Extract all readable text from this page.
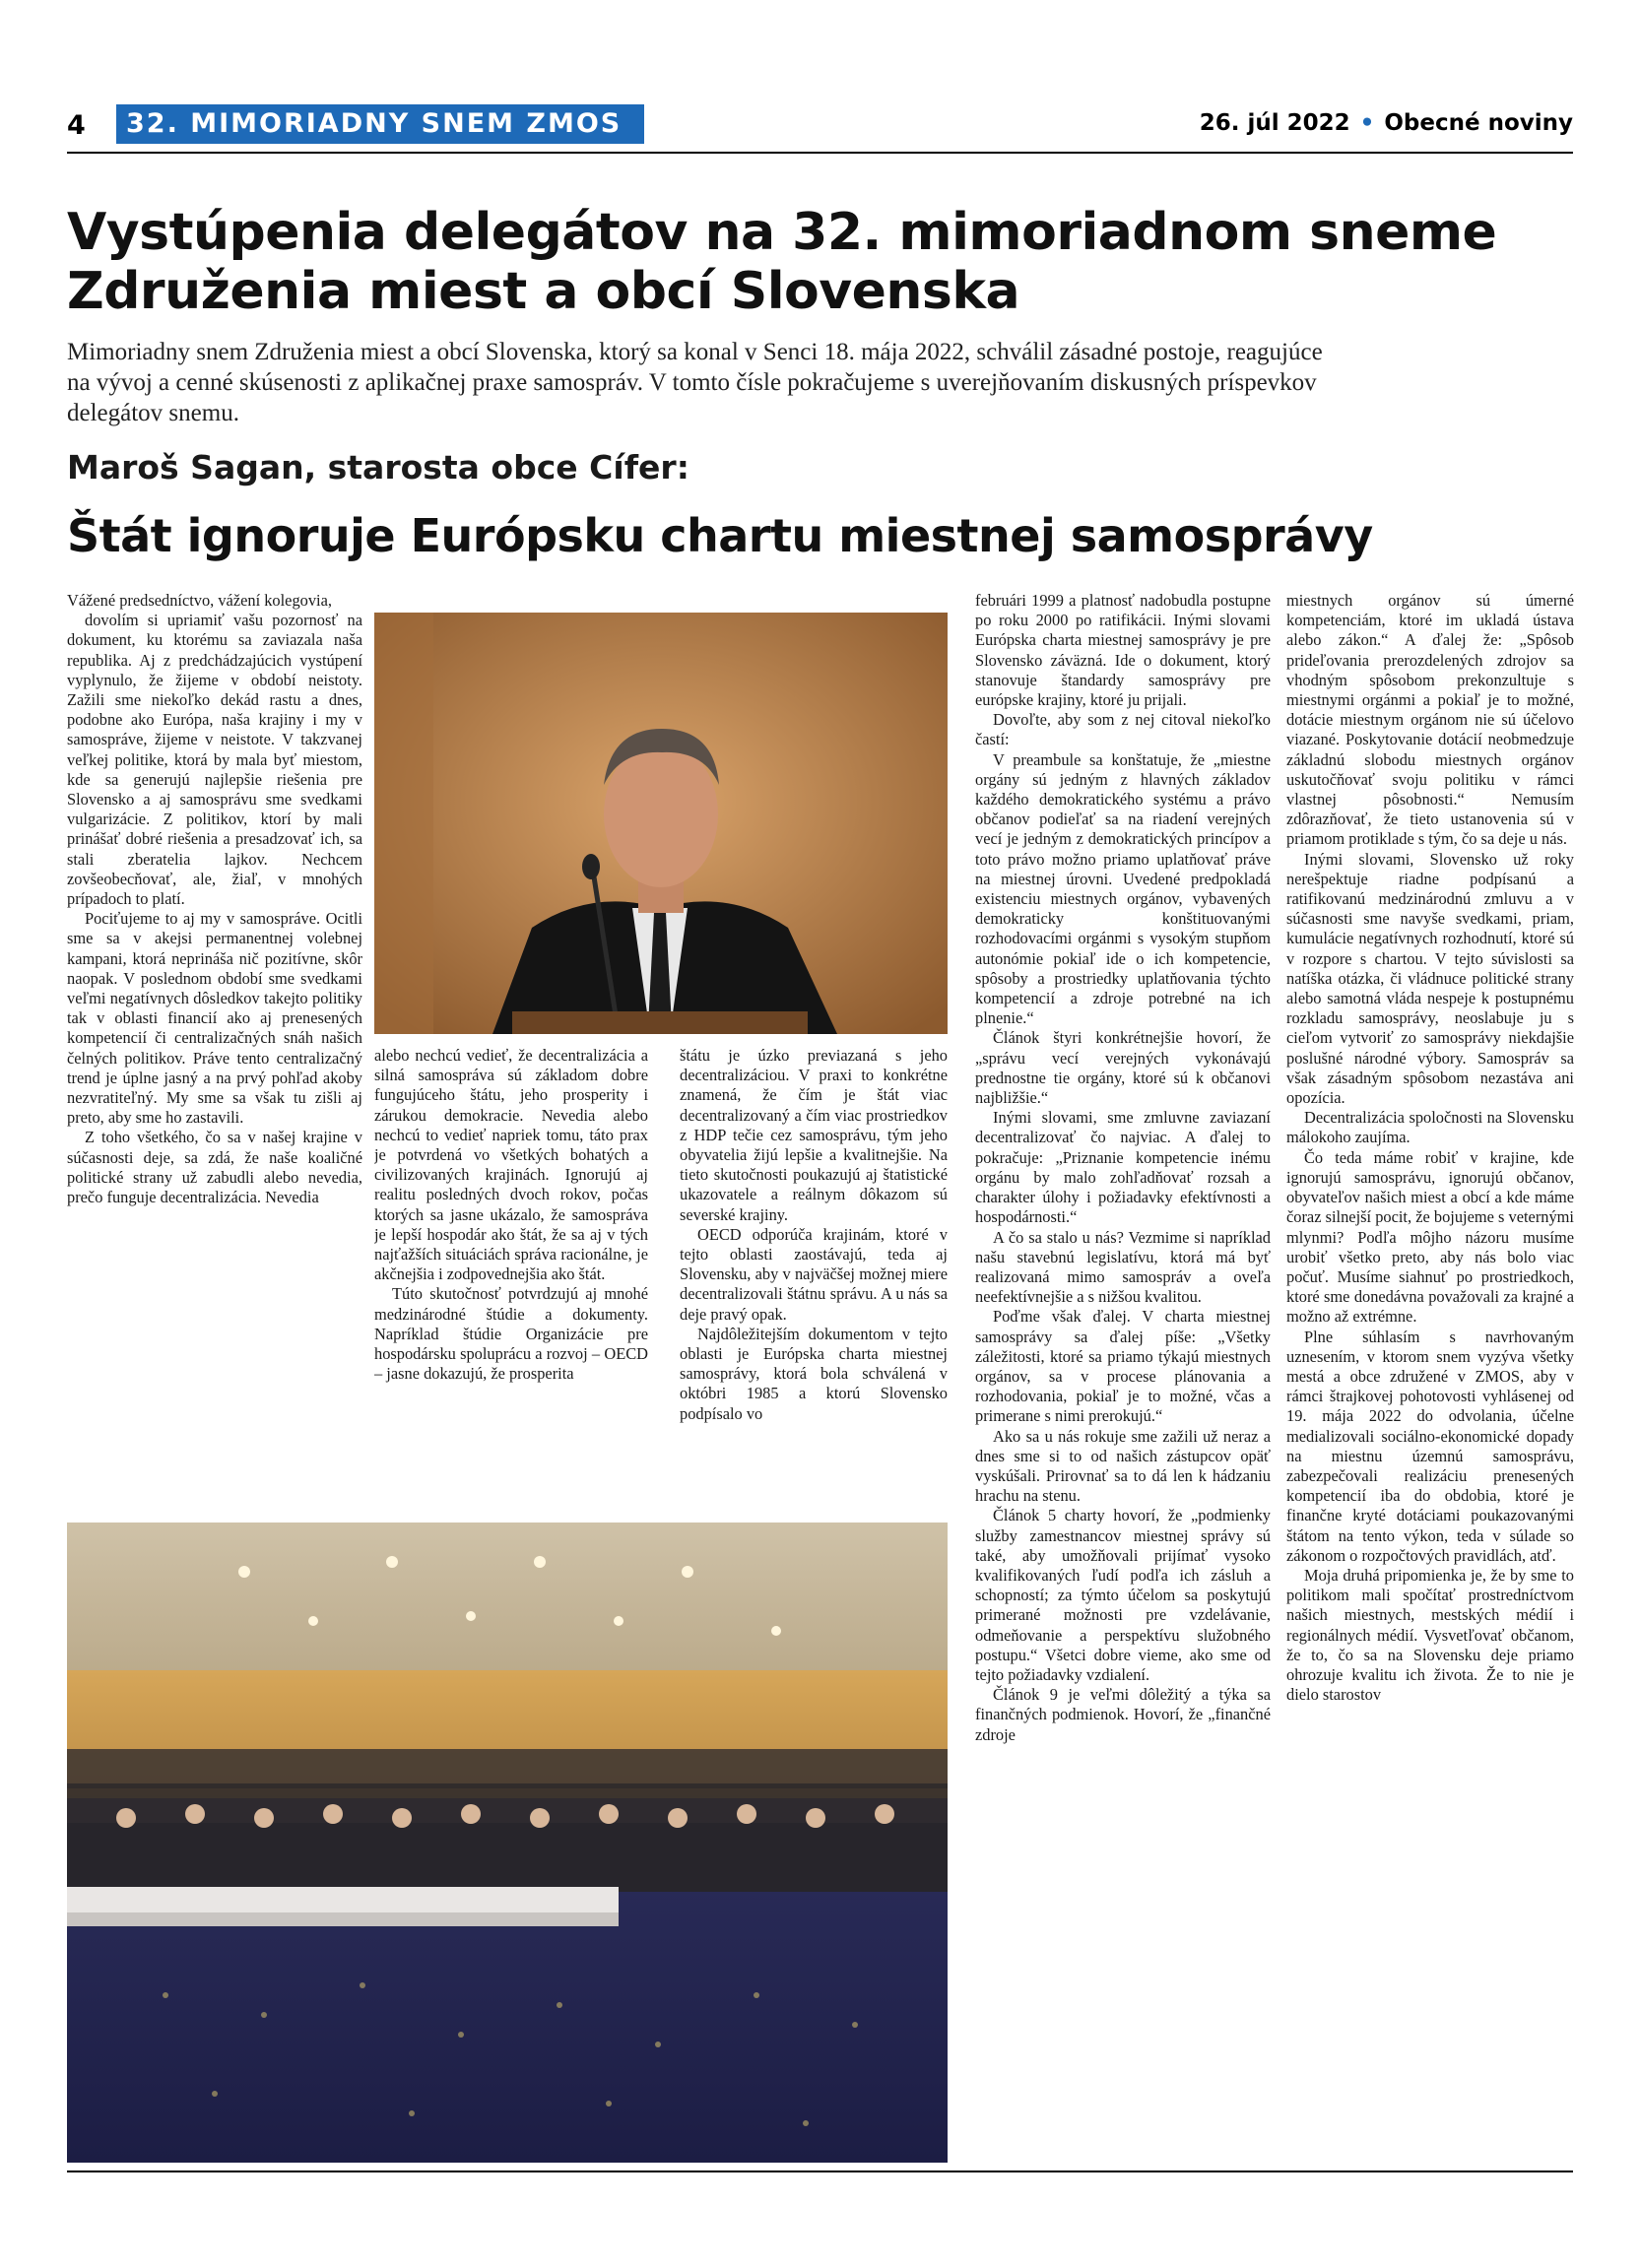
4	32. MIMORIADNY SNEM ZMOS	26. júl 2022 • Obecné noviny
Vystúpenia delegátov na 32. mimoriadnom sneme
Združenia miest a obcí Slovenska
Mimoriadny snem Združenia miest a obcí Slovenska, ktorý sa konal v Senci 18. mája 2022, schválil zásadné postoje, reagujúce
na vývoj a cenné skúsenosti z aplikačnej praxe samospráv. V tomto čísle pokračujeme s uverejňovaním diskusných príspevkov
delegátov snemu.
Maroš Sagan, starosta obce Cífer:
Štát ignoruje Európsku chartu miestnej samosprávy

Vážené predsedníctvo, vážení kolegovia,

dovolím si upriamiť vašu pozornosť na dokument, ku ktorému sa zaviazala naša republika. Aj z predchádzajúcich vystúpení vyplynulo, že žijeme v období neistoty. Zažili sme niekoľko dekád rastu a dnes, podobne ako Európa, naša krajiny i my v samospráve, žijeme v neistote. V takzvanej veľkej politike, ktorá by mala byť miestom, kde sa generujú najlepšie riešenia pre Slovensko a aj samosprávu sme svedkami vulgarizácie. Z politikov, ktorí by mali prinášať dobré riešenia a presadzovať ich, sa stali zberatelia lajkov. Nechcem zovšeobecňovať, ale, žiaľ, v mnohých prípadoch to platí.

Pociťujeme to aj my v samospráve. Ocitli sme sa v akejsi permanentnej volebnej kampani, ktorá neprináša nič pozitívne, skôr naopak. V poslednom období sme svedkami veľmi negatívnych dôsledkov takejto politiky tak v oblasti financií ako aj prenesených kompetencií či centralizačných snáh našich čelných politikov. Práve tento centralizačný trend je úplne jasný a na prvý pohľad akoby nezvratiteľný. My sme sa však tu zišli aj preto, aby sme ho zastavili.

Z toho všetkého, čo sa v našej krajine v súčasnosti deje, sa zdá, že naše koaličné politické strany už zabudli alebo nevedia, prečo funguje decentralizácia. Nevedia

alebo nechcú vedieť, že decentralizácia a silná samospráva sú základom dobre fungujúceho štátu, jeho prosperity i zárukou demokracie. Nevedia alebo nechcú to vedieť napriek tomu, táto prax je potvrdená vo všetkých bohatých a civilizovaných krajinách. Ignorujú aj realitu posledných dvoch rokov, počas ktorých sa jasne ukázalo, že samospráva je lepší hospodár ako štát, že sa aj v tých najťažších situáciách správa racionálne, je akčnejšia i zodpovednejšia ako štát.

Túto skutočnosť potvrdzujú aj mnohé medzinárodné štúdie a dokumenty. Napríklad štúdie Organizácie pre hospodársku spoluprácu a rozvoj – OECD – jasne dokazujú, že prosperita

štátu je úzko previazaná s jeho decentralizáciou. V praxi to konkrétne znamená, že čím je štát viac decentralizovaný a čím viac prostriedkov z HDP tečie cez samosprávu, tým jeho obyvatelia žijú lepšie a kvalitnejšie. Na tieto skutočnosti poukazujú aj štatistické ukazovatele a reálnym dôkazom sú severské krajiny.

OECD odporúča krajinám, ktoré v tejto oblasti zaostávajú, teda aj Slovensku, aby v najväčšej možnej miere decentralizovali štátnu správu. A u nás sa deje pravý opak.

Najdôležitejším dokumentom v tejto oblasti je Európska charta miestnej samosprávy, ktorá bola schválená v októbri 1985 a ktorú Slovensko podpísalo vo

februári 1999 a platnosť nadobudla postupne po roku 2000 po ratifikácii. Inými slovami Európska charta miestnej samosprávy je pre Slovensko záväzná. Ide o dokument, ktorý stanovuje štandardy samosprávy pre európske krajiny, ktoré ju prijali.

Dovoľte, aby som z nej citoval niekoľko častí:

V preambule sa konštatuje, že „miestne orgány sú jedným z hlavných základov každého demokratického systému a právo občanov podieľať sa na riadení verejných vecí je jedným z demokratických princípov a toto právo možno priamo uplatňovať práve na miestnej úrovni. Uvedené predpokladá existenciu miestnych orgánov, vybavených demokraticky konštituovanými rozhodovacími orgánmi s vysokým stupňom autonómie pokiaľ ide o ich kompetencie, spôsoby a prostriedky uplatňovania týchto kompetencií a zdroje potrebné na ich plnenie.“

Článok štyri konkrétnejšie hovorí, že „správu vecí verejných vykonávajú prednostne tie orgány, ktoré sú k občanovi najbližšie.“

Inými slovami, sme zmluvne zaviazaní decentralizovať čo najviac. A ďalej to pokračuje: „Priznanie kompetencie inému orgánu by malo zohľadňovať rozsah a charakter úlohy i požiadavky efektívnosti a hospodárnosti.“

A čo sa stalo u nás? Vezmime si napríklad našu stavebnú legislatívu, ktorá má byť realizovaná mimo samospráv a oveľa neefektívnejšie a s nižšou kvalitou.

Poďme však ďalej. V charta miestnej samosprávy sa ďalej píše: „Všetky záležitosti, ktoré sa priamo týkajú miestnych orgánov, sa v procese plánovania a rozhodovania, pokiaľ je to možné, včas a primerane s nimi prerokujú.“

Ako sa u nás rokuje sme zažili už neraz a dnes sme si to od našich zástupcov opäť vyskúšali. Prirovnať sa to dá len k hádzaniu hrachu na stenu.

Článok 5 charty hovorí, že „podmienky služby zamestnancov miestnej správy sú také, aby umožňovali prijímať vysoko kvalifikovaných ľudí podľa ich zásluh a schopností; za týmto účelom sa poskytujú primerané možnosti pre vzdelávanie, odmeňovanie a perspektívu služobného postupu.“ Všetci dobre vieme, ako sme od tejto požiadavky vzdialení.

Článok 9 je veľmi dôležitý a týka sa finančných podmienok. Hovorí, že „finančné zdroje

miestnych orgánov sú úmerné kompetenciám, ktoré im ukladá ústava alebo zákon.“ A ďalej že: „Spôsob prideľovania prerozdelených zdrojov sa vhodným spôsobom prekonzultuje s miestnymi orgánmi a pokiaľ je to možné, dotácie miestnym orgánom nie sú účelovo viazané. Poskytovanie dotácií neobmedzuje základnú slobodu miestnych orgánov uskutočňovať svoju politiku v rámci vlastnej pôsobnosti.“ Nemusím zdôrazňovať, že tieto ustanovenia sú v priamom protiklade s tým, čo sa deje u nás.

Inými slovami, Slovensko už roky nerešpektuje riadne podpísanú a ratifikovanú medzinárodnú zmluvu a v súčasnosti sme navyše svedkami, priam, kumulácie negatívnych rozhodnutí, ktoré sú v rozpore s chartou. V tejto súvislosti sa natíška otázka, či vládnuce politické strany alebo samotná vláda nespeje k postupnému rozkladu samosprávy, neoslabuje ju s cieľom vytvoriť zo samosprávy niekdajšie poslušné národné výbory. Samospráv sa však zásadným spôsobom nezastáva ani opozícia.

Decentralizácia spoločnosti na Slovensku málokoho zaujíma.

Čo teda máme robiť v krajine, kde ignorujú samosprávu, ignorujú občanov, obyvateľov našich miest a obcí a kde máme čoraz silnejší pocit, že bojujeme s veternými mlynmi? Podľa môjho názoru musíme urobiť všetko preto, aby nás bolo viac počuť. Musíme siahnuť po prostriedkoch, ktoré sme donedávna považovali za krajné a možno až extrémne.

Plne súhlasím s navrhovaným uznesením, v ktorom snem vyzýva všetky mestá a obce združené v ZMOS, aby v rámci štrajkovej pohotovosti vyhlásenej od 19. mája 2022 do odvolania, účelne medializovali sociálno-ekonomické dopady na miestnu územnú samosprávu, zabezpečovali realizáciu prenesených kompetencií iba do obdobia, ktoré je finančne kryté dotáciami poukazovanými štátom na tento výkon, teda v súlade so zákonom o rozpočtových pravidlách, atď.

Moja druhá pripomienka je, že by sme to politikom mali spočítať prostredníctvom našich miestnych, mestských médií i regionálnych médií. Vysvetľovať občanom, že to, čo sa na Slovensku deje priamo ohrozuje kvalitu ich života. Že to nie je dielo starostov
